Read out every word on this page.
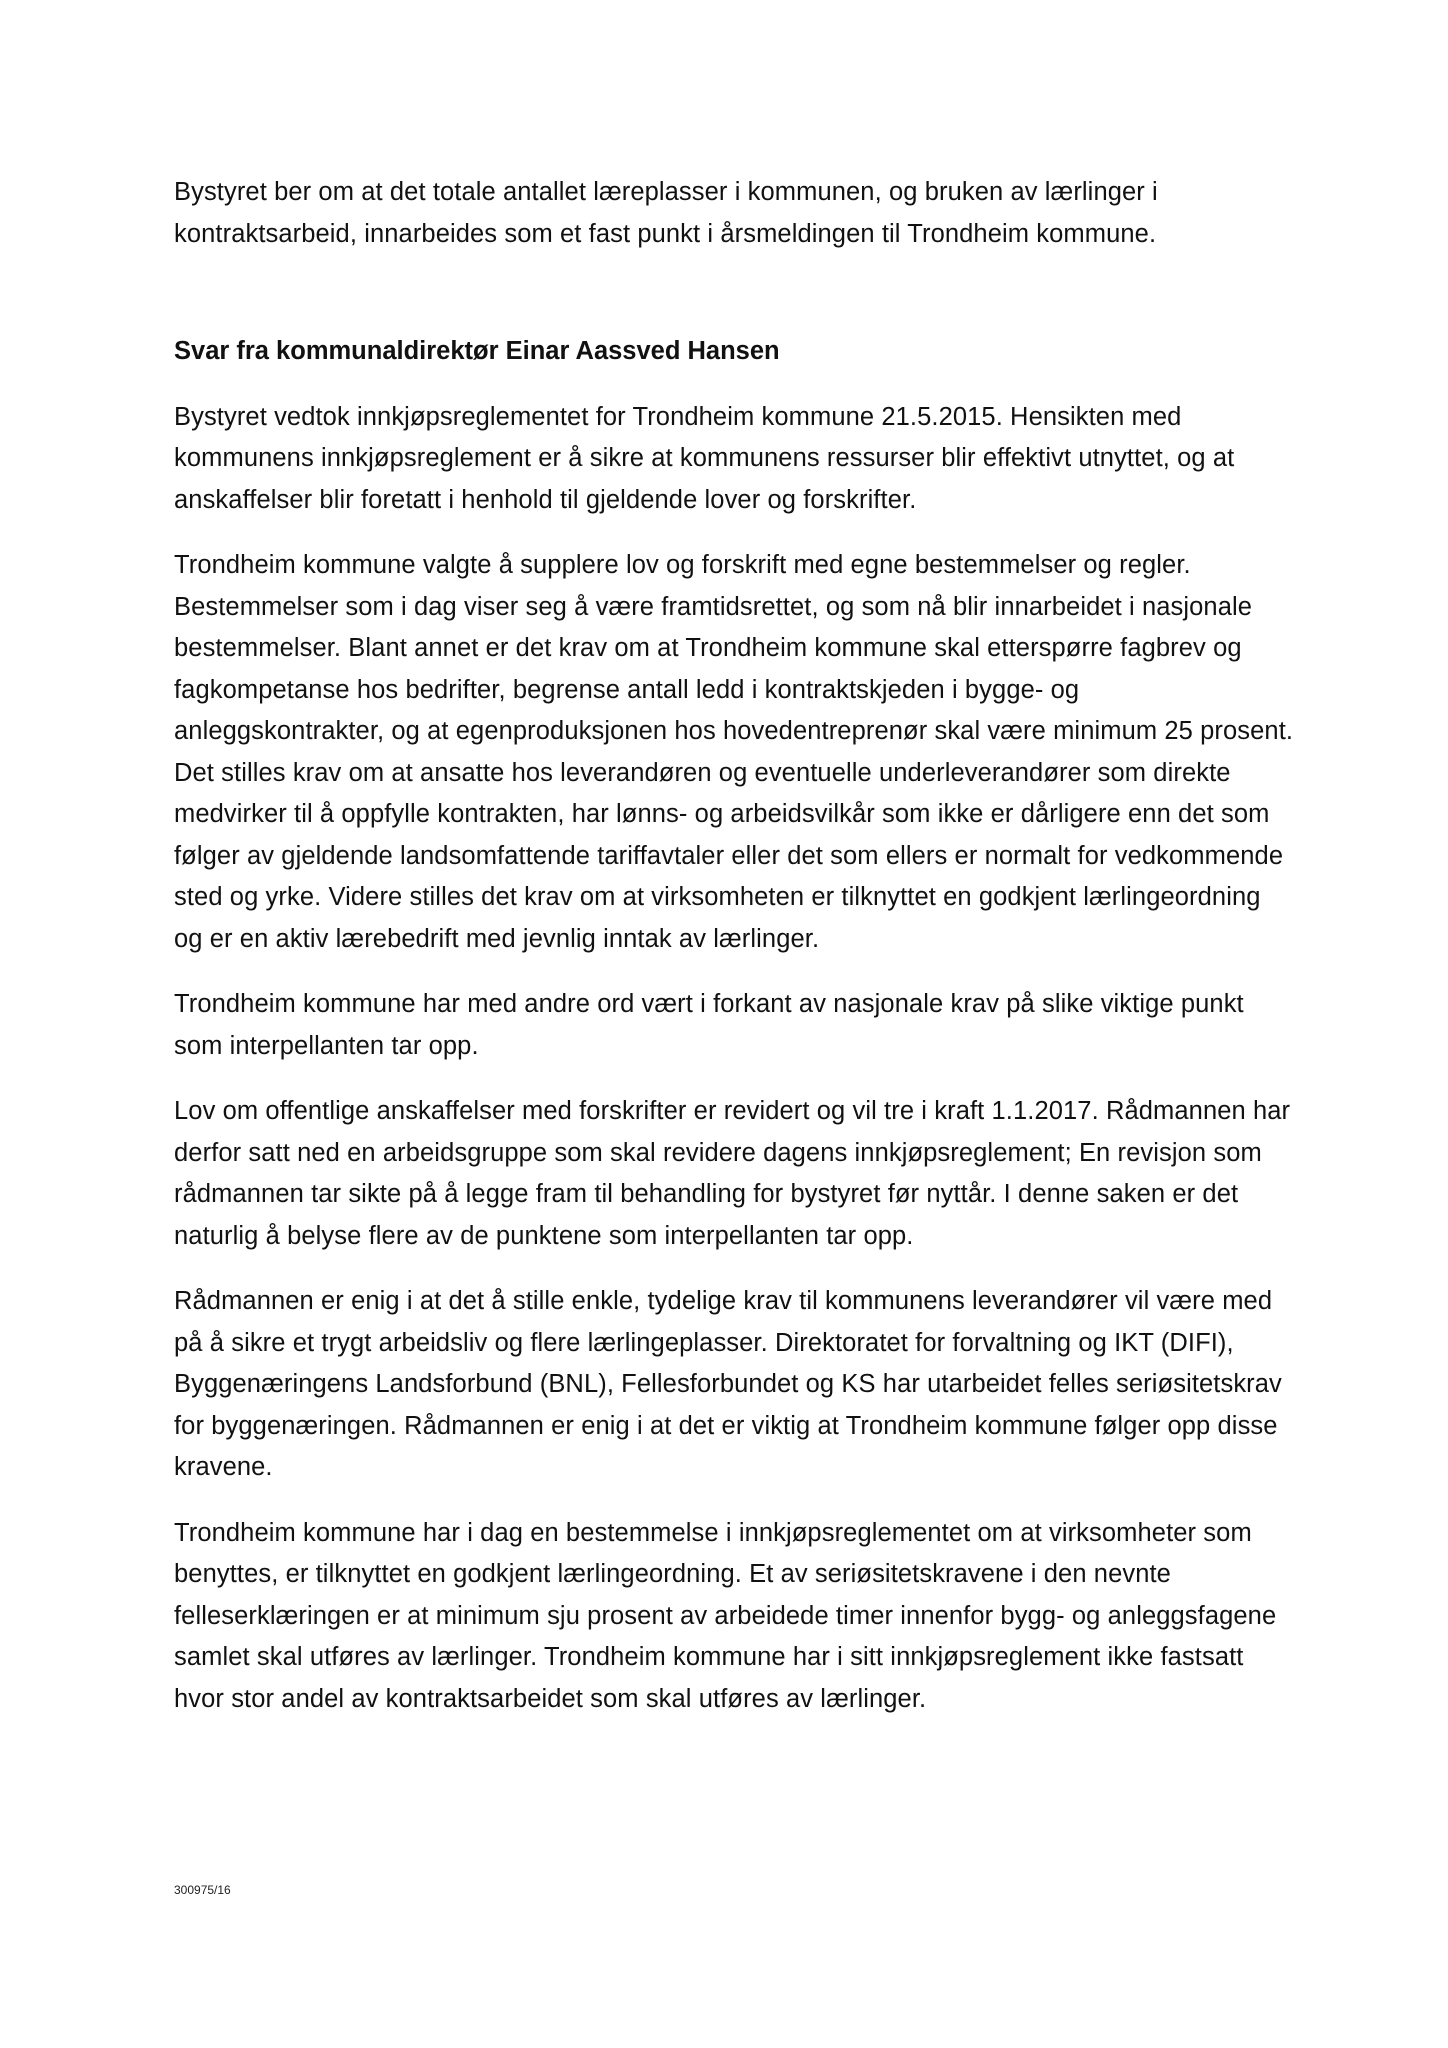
Bystyret ber om at det totale antallet læreplasser i kommunen, og bruken av lærlinger i kontraktsarbeid, innarbeides som et fast punkt i årsmeldingen til Trondheim kommune.

Svar fra kommunaldirektør Einar Aassved Hansen

Bystyret vedtok innkjøpsreglementet for Trondheim kommune 21.5.2015. Hensikten med kommunens innkjøpsreglement er å sikre at kommunens ressurser blir effektivt utnyttet, og at anskaffelser blir foretatt i henhold til gjeldende lover og forskrifter.

Trondheim kommune valgte å supplere lov og forskrift med egne bestemmelser og regler. Bestemmelser som i dag viser seg å være framtidsrettet, og som nå blir innarbeidet i nasjonale bestemmelser. Blant annet er det krav om at Trondheim kommune skal etterspørre fagbrev og fagkompetanse hos bedrifter, begrense antall ledd i kontraktskjeden i bygge- og anleggskontrakter, og at egenproduksjonen hos hovedentreprenør skal være minimum 25 prosent. Det stilles krav om at ansatte hos leverandøren og eventuelle underleverandører som direkte medvirker til å oppfylle kontrakten, har lønns- og arbeidsvilkår som ikke er dårligere enn det som følger av gjeldende landsomfattende tariffavtaler eller det som ellers er normalt for vedkommende sted og yrke. Videre stilles det krav om at virksomheten er tilknyttet en godkjent lærlingeordning og er en aktiv lærebedrift med jevnlig inntak av lærlinger.

Trondheim kommune har med andre ord vært i forkant av nasjonale krav på slike viktige punkt som interpellanten tar opp.

Lov om offentlige anskaffelser med forskrifter er revidert og vil tre i kraft 1.1.2017. Rådmannen har derfor satt ned en arbeidsgruppe som skal revidere dagens innkjøpsreglement; En revisjon som rådmannen tar sikte på å legge fram til behandling for bystyret før nyttår. I denne saken er det naturlig å belyse flere av de punktene som interpellanten tar opp.

Rådmannen er enig i at det å stille enkle, tydelige krav til kommunens leverandører vil være med på å sikre et trygt arbeidsliv og flere lærlingeplasser. Direktoratet for forvaltning og IKT (DIFI), Byggenæringens Landsforbund (BNL), Fellesforbundet og KS har utarbeidet felles seriøsitetskrav for byggenæringen. Rådmannen er enig i at det er viktig at Trondheim kommune følger opp disse kravene.

Trondheim kommune har i dag en bestemmelse i innkjøpsreglementet om at virksomheter som benyttes, er tilknyttet en godkjent lærlingeordning. Et av seriøsitetskravene i den nevnte felleserklæringen er at minimum sju prosent av arbeidede timer innenfor bygg- og anleggsfagene samlet skal utføres av lærlinger. Trondheim kommune har i sitt innkjøpsreglement ikke fastsatt hvor stor andel av kontraktsarbeidet som skal utføres av lærlinger.

300975/16
